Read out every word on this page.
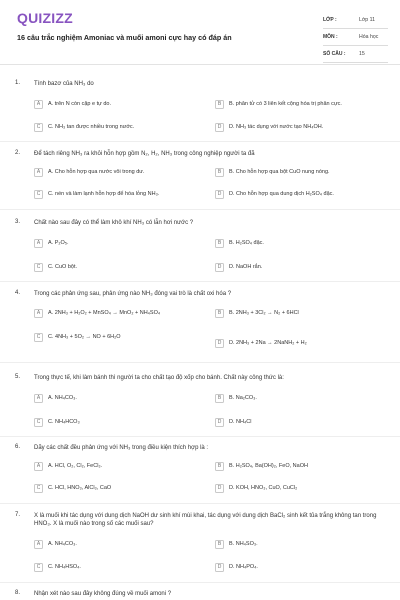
QUIZIZZ
16 câu trắc nghiệm Amoniac và muối amoni cực hay có đáp án
LỚP :	Lớp 11
MÔN :	Hóa học
SỐ CÂU :	15
1. Tính bazơ của NH₃ do
A	A. trên N còn cặp e tự do.	B	B. phân tử có 3 liên kết cộng hóa trị phân cực.
C	C. NH₃ tan được nhiều trong nước.	D	D. NH₃ tác dụng với nước tạo NH₄OH.
2. Để tách riêng NH₃ ra khỏi hỗn hợp gồm N₂, H₂, NH₃ trong công nghiệp người ta đã
A	A. Cho hỗn hợp qua nước vôi trong dư.	B	B. Cho hỗn hợp qua bột CuO nung nóng.
C	C. nén và làm lạnh hỗn hợp để hóa lỏng NH₃.	D	D. Cho hỗn hợp qua dung dịch H₂SO₄ đặc.
3. Chất nào sau đây có thể làm khô khí NH₃ có lẫn hơi nước ?
A	A. P₂O₅.	B	B. H₂SO₄ đặc.
C	C. CuO bột.	D	D. NaOH rắn.
4. Trong các phản ứng sau, phản ứng nào NH₃ đóng vai trò là chất oxi hóa ?
A	A. 2NH₃ + H₂O₂ + MnSO₄ → MnO₂ + NH₄SO₄	B	B. 2NH₃ + 3Cl₂ → N₂ + 6HCl
C	C. 4NH₃ + 5O₂ → NO + 6H₂O
D	D. 2NH₃ + 2Na → 2NaNH₂ + H₂
5. Trong thực tế, khi làm bánh thì người ta cho chất tạo độ xốp cho bánh. Chất này công thức là:
A	A. NH₄CO₃.	B	B. Na₂CO₃.
C	C. NH₄HCO₃	D	D. NH₄Cl
6. Dãy các chất đều phản ứng với NH₃ trong điều kiện thích hợp là :
A	A. HCl, O₂, Cl₂, FeCl₃.	B	B. H₂SO₄, Ba(OH)₂, FeO, NaOH
C	C. HCl, HNO₃, AlCl₃, CaO	D	D. KOH, HNO₃, CuO, CuCl₂
7. X là muối khi tác dụng với dung dịch NaOH dư sinh khí mùi khai, tác dụng với dung dịch BaCl₂ sinh kết tủa trắng không tan trong HNO₃. X là muối nào trong số các muối sau?
A	A. NH₄CO₃.	B	B. NH₄SO₃.
C	C. NH₄HSO₄.	D	D. NH₄PO₄.
8. Nhận xét nào sau đây không đúng về muối amoni ?
